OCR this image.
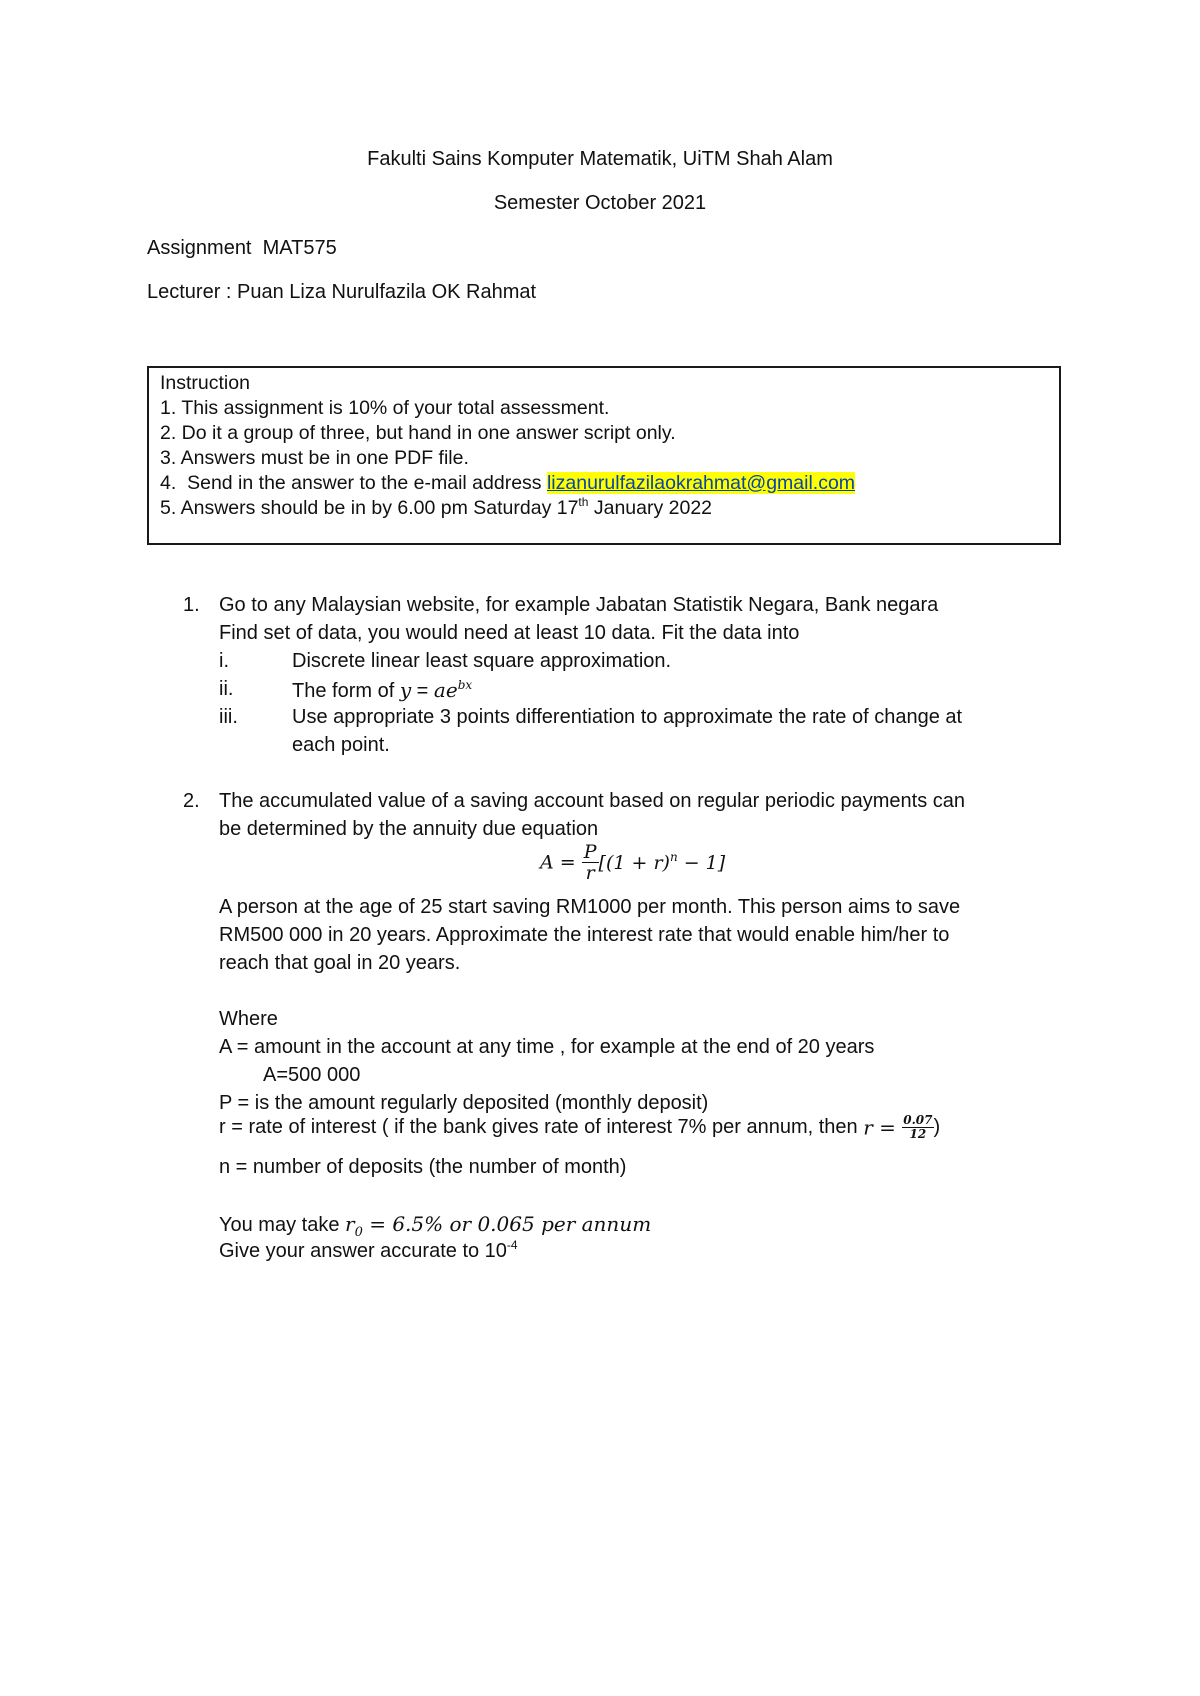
Fakulti Sains Komputer Matematik, UiTM Shah Alam
Semester October 2021
Assignment  MAT575
Lecturer : Puan Liza Nurulfazila OK Rahmat
Instruction
1. This assignment is 10% of your total assessment.
2. Do it a group of three, but hand in one answer script only.
3. Answers must be in one PDF file.
4.  Send in the answer to the e-mail address lizanurulfazilaokrahmat@gmail.com
5. Answers should be in by 6.00 pm Saturday 17th January 2022
1. Go to any Malaysian website, for example Jabatan Statistik Negara, Bank negara
Find set of data, you would need at least 10 data. Fit the data into
i.	Discrete linear least square approximation.
ii.	The form of $y = ae^{bx}$
iii.	Use appropriate 3 points differentiation to approximate the rate of change at
each point.
2. The accumulated value of a saving account based on regular periodic payments can
be determined by the annuity due equation
$A = \frac{P}{r} [(1 + r)^n - 1]$
A person at the age of 25 start saving RM1000 per month. This person aims to save
RM500 000 in 20 years. Approximate the interest rate that would enable him/her to
reach that goal in 20 years.
Where
A = amount in the account at any time , for example at the end of 20 years
A=500 000
P = is the amount regularly deposited (monthly deposit)
r = rate of interest ( if the bank gives rate of interest 7% per annum, then $r = \frac{0.07}{12}$ )
n = number of deposits (the number of month)
You may take $r_0 = 6.5\%$ or 0.065 per annum
Give your answer accurate to $10^{-4}$
